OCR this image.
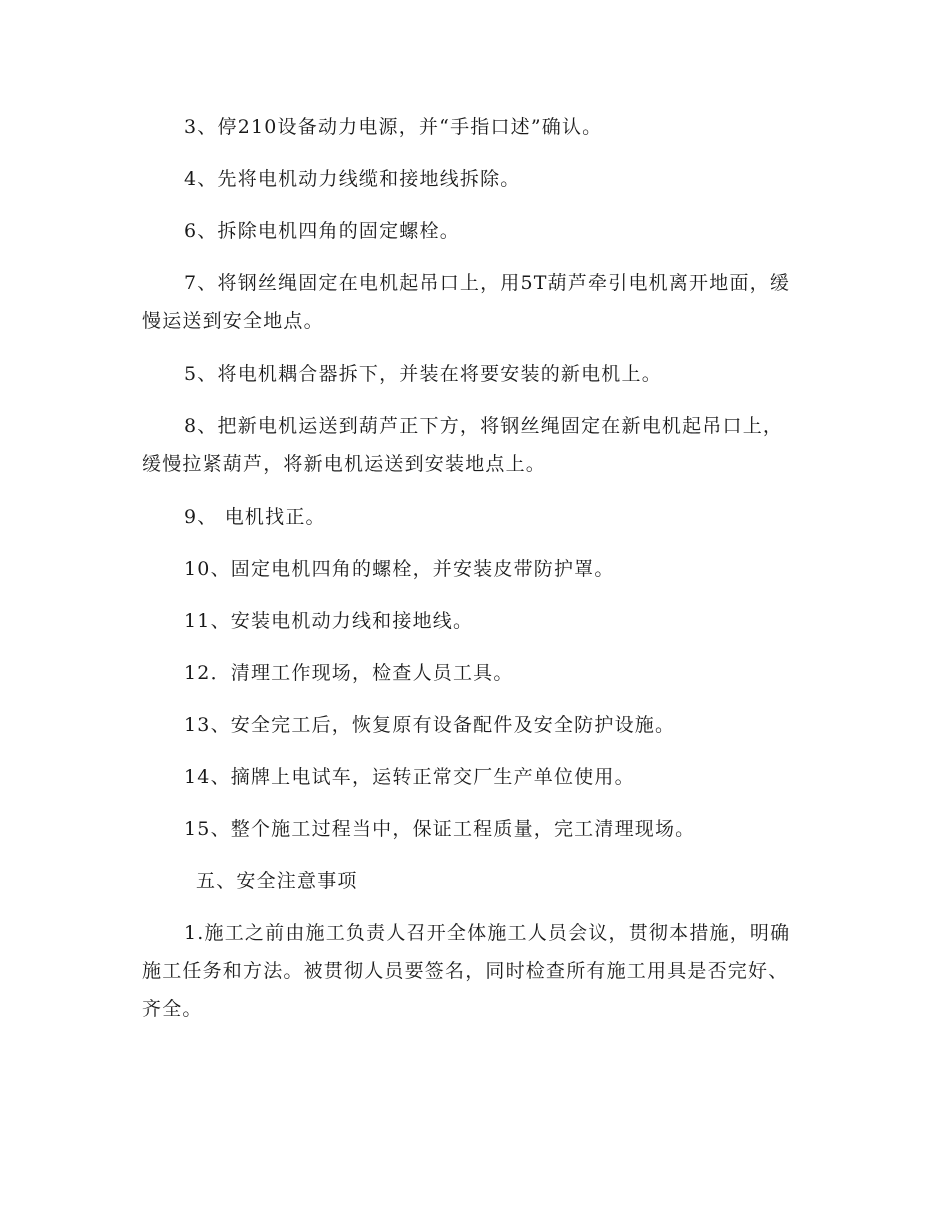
3、停210设备动力电源，并“手指口述”确认。

4、先将电机动力线缆和接地线拆除。

6、拆除电机四角的固定螺栓。

7、将钢丝绳固定在电机起吊口上，用5T葫芦牵引电机离开地面，缓慢运送到安全地点。

5、将电机耦合器拆下，并装在将要安装的新电机上。

8、把新电机运送到葫芦正下方，将钢丝绳固定在新电机起吊口上，缓慢拉紧葫芦，将新电机运送到安装地点上。

9、 电机找正。

10、固定电机四角的螺栓，并安装皮带防护罩。

11、安装电机动力线和接地线。

12．清理工作现场，检查人员工具。

13、安全完工后，恢复原有设备配件及安全防护设施。

14、摘牌上电试车，运转正常交厂生产单位使用。

15、整个施工过程当中，保证工程质量，完工清理现场。

五、安全注意事项

1.施工之前由施工负责人召开全体施工人员会议，贯彻本措施，明确施工任务和方法。被贯彻人员要签名，同时检查所有施工用具是否完好、齐全。
